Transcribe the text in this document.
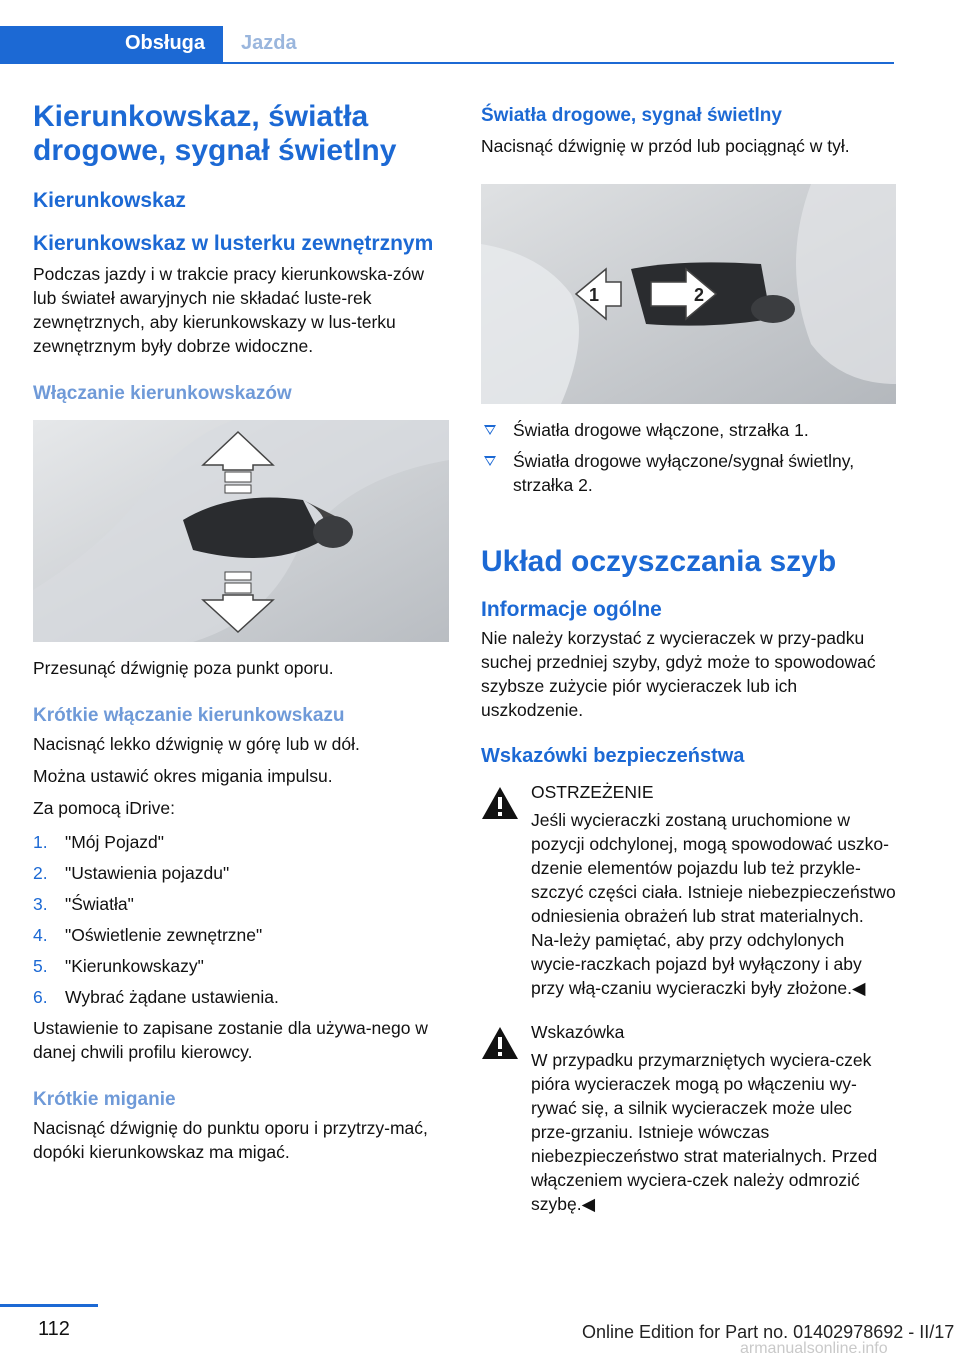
Obsługa	Jazda
Kierunkowskaz, światła drogowe, sygnał świetlny
Kierunkowskaz
Kierunkowskaz w lusterku zewnętrznym

Podczas jazdy i w trakcie pracy kierunkowska-zów lub świateł awaryjnych nie składać luste-rek zewnętrznych, aby kierunkowskazy w lus-terku zewnętrznym były dobrze widoczne.

Włączanie kierunkowskazów

Przesunąć dźwignię poza punkt oporu.

Krótkie włączanie kierunkowskazu

Nacisnąć lekko dźwignię w górę lub w dół.

Można ustawić okres migania impulsu.

Za pomocą iDrive:

1. "Mój Pojazd"
2. "Ustawienia pojazdu"
3. "Światła"
4. "Oświetlenie zewnętrzne"
5. "Kierunkowskazy"
6. Wybrać żądane ustawienia.

Ustawienie to zapisane zostanie dla używa-nego w danej chwili profilu kierowcy.

Krótkie miganie

Nacisnąć dźwignię do punktu oporu i przytrzy-mać, dopóki kierunkowskaz ma migać.

Światła drogowe, sygnał świetlny

Nacisnąć dźwignię w przód lub pociągnąć w tył.

1	2
Światła drogowe włączone, strzałka 1.
Światła drogowe wyłączone/sygnał świetlny, strzałka 2.
Układ oczyszczania szyb
Informacje ogólne

Nie należy korzystać z wycieraczek w przy-padku suchej przedniej szyby, gdyż może to spowodować szybsze zużycie piór wycieraczek lub ich uszkodzenie.

Wskazówki bezpieczeństwa

OSTRZEŻENIE

Jeśli wycieraczki zostaną uruchomione w pozycji odchylonej, mogą spowodować uszko-dzenie elementów pojazdu lub też przykle-szczyć części ciała. Istnieje niebezpieczeństwo odniesienia obrażeń lub strat materialnych. Na-leży pamiętać, aby przy odchylonych wycie-raczkach pojazd był wyłączony i aby przy włą-czaniu wycieraczki były złożone.◀

Wskazówka

W przypadku przymarzniętych wyciera-czek pióra wycieraczek mogą po włączeniu wy-rywać się, a silnik wycieraczek może ulec prze-grzaniu. Istnieje wówczas niebezpieczeństwo strat materialnych. Przed włączeniem wyciera-czek należy odmrozić szybę.◀

112	Online Edition for Part no. 01402978692 - II/17
armanualsonline.info
